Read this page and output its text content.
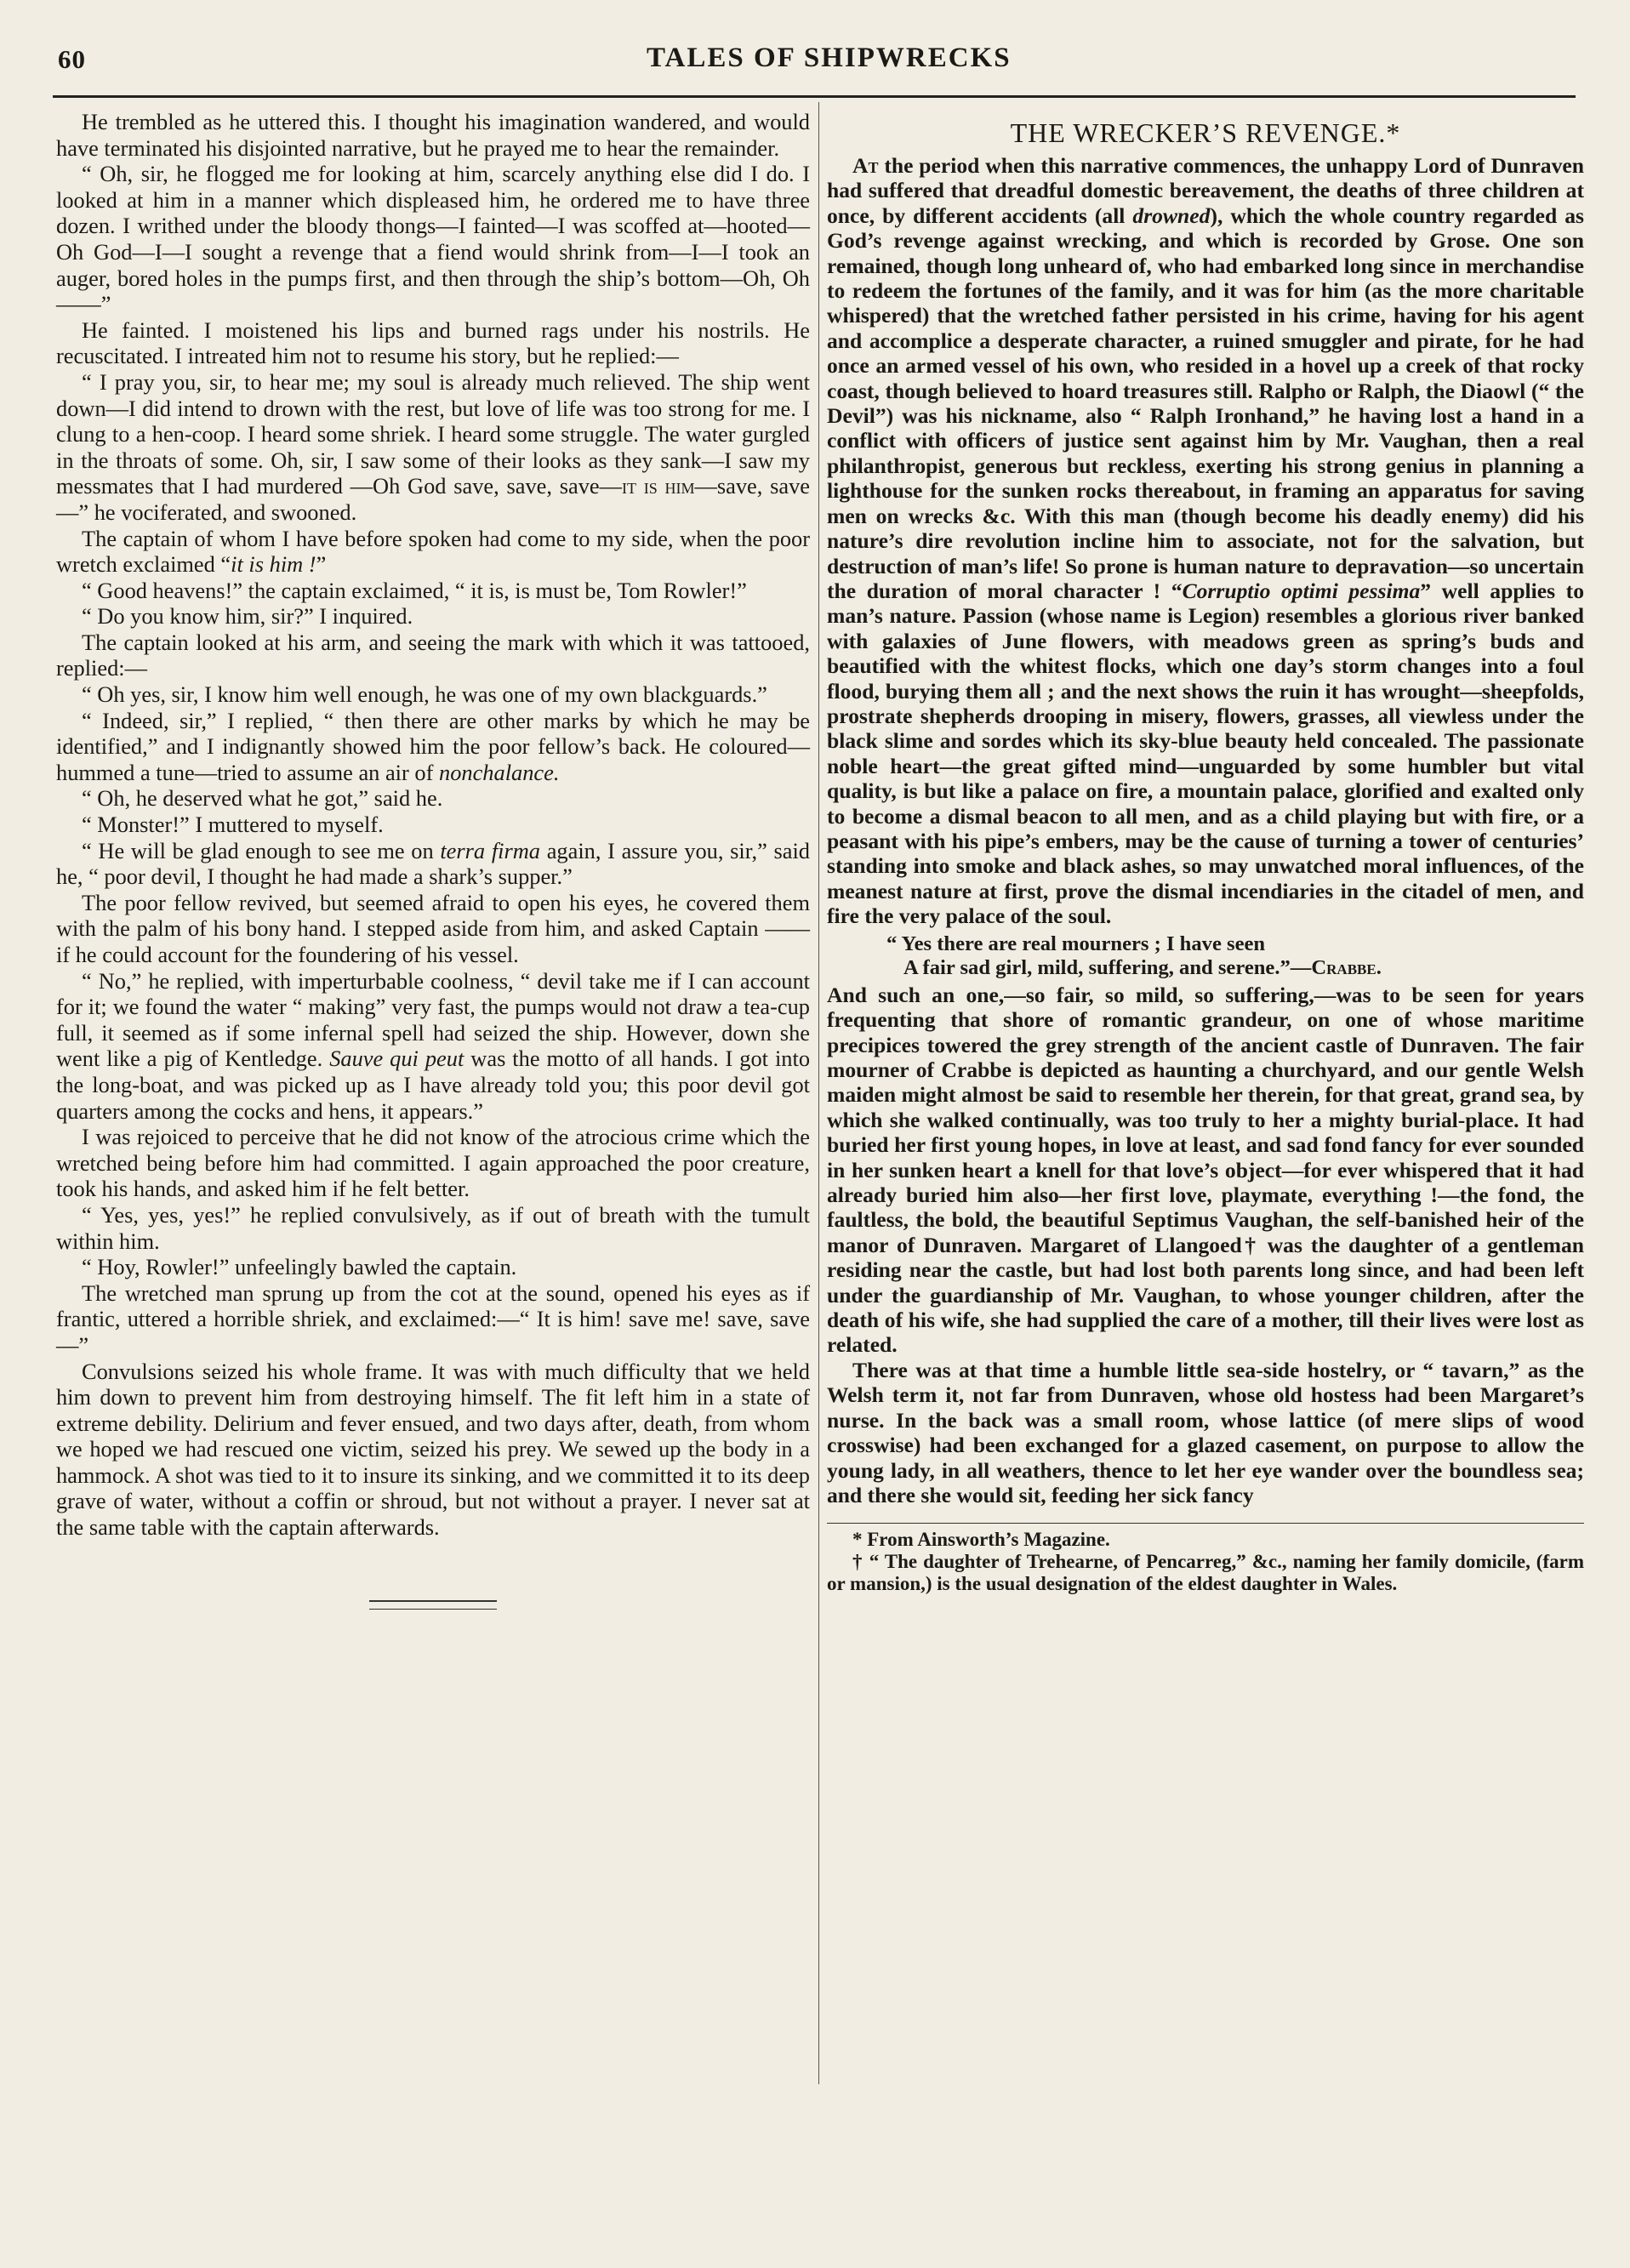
60	TALES OF SHIPWRECKS

He trembled as he uttered this. I thought his imagination wandered, and would have terminated his disjointed narrative, but he prayed me to hear the remainder.

“ Oh, sir, he flogged me for looking at him, scarcely anything else did I do. I looked at him in a manner which displeased him, he ordered me to have three dozen. I writhed under the bloody thongs—I fainted—I was scoffed at—hooted—Oh God—I—I sought a revenge that a fiend would shrink from—I—I took an auger, bored holes in the pumps first, and then through the ship’s bottom—Oh, Oh——”

He fainted. I moistened his lips and burned rags under his nostrils. He recuscitated. I intreated him not to resume his story, but he replied:—

“ I pray you, sir, to hear me; my soul is already much relieved. The ship went down—I did intend to drown with the rest, but love of life was too strong for me. I clung to a hen-coop. I heard some shriek. I heard some struggle. The water gurgled in the throats of some. Oh, sir, I saw some of their looks as they sank—I saw my messmates that I had murdered —Oh God save, save, save—it is him—save, save—” he vociferated, and swooned.

The captain of whom I have before spoken had come to my side, when the poor wretch exclaimed “it is him !”

“ Good heavens!” the captain exclaimed, “ it is, is must be, Tom Rowler!”

“ Do you know him, sir?” I inquired.

The captain looked at his arm, and seeing the mark with which it was tattooed, replied:—

“ Oh yes, sir, I know him well enough, he was one of my own blackguards.”

“ Indeed, sir,” I replied, “ then there are other marks by which he may be identified,” and I indignantly showed him the poor fellow’s back. He coloured—hummed a tune—tried to assume an air of nonchalance.

“ Oh, he deserved what he got,” said he.

“ Monster!” I muttered to myself.

“ He will be glad enough to see me on terra firma again, I assure you, sir,” said he, “ poor devil, I thought he had made a shark’s supper.”

The poor fellow revived, but seemed afraid to open his eyes, he covered them with the palm of his bony hand. I stepped aside from him, and asked Captain —— if he could account for the foundering of his vessel.

“ No,” he replied, with imperturbable coolness, “ devil take me if I can account for it; we found the water “ making” very fast, the pumps would not draw a tea-cup full, it seemed as if some infernal spell had seized the ship. However, down she went like a pig of Kentledge. Sauve qui peut was the motto of all hands. I got into the long-boat, and was picked up as I have already told you; this poor devil got quarters among the cocks and hens, it appears.”

I was rejoiced to perceive that he did not know of the atrocious crime which the wretched being before him had committed. I again approached the poor creature, took his hands, and asked him if he felt better.

“ Yes, yes, yes!” he replied convulsively, as if out of breath with the tumult within him.

“ Hoy, Rowler!” unfeelingly bawled the captain.

The wretched man sprung up from the cot at the sound, opened his eyes as if frantic, uttered a horrible shriek, and exclaimed:—“ It is him! save me! save, save—”

Convulsions seized his whole frame. It was with much difficulty that we held him down to prevent him from destroying himself. The fit left him in a state of extreme debility. Delirium and fever ensued, and two days after, death, from whom we hoped we had rescued one victim, seized his prey. We sewed up the body in a hammock. A shot was tied to it to insure its sinking, and we committed it to its deep grave of water, without a coffin or shroud, but not without a prayer. I never sat at the same table with the captain afterwards.

THE WRECKER’S REVENGE.*

At the period when this narrative commences, the unhappy Lord of Dunraven had suffered that dreadful domestic bereavement, the deaths of three children at once, by different accidents (all drowned), which the whole country regarded as God’s revenge against wrecking, and which is recorded by Grose. One son remained, though long unheard of, who had embarked long since in merchandise to redeem the fortunes of the family, and it was for him (as the more charitable whispered) that the wretched father persisted in his crime, having for his agent and accomplice a desperate character, a ruined smuggler and pirate, for he had once an armed vessel of his own, who resided in a hovel up a creek of that rocky coast, though believed to hoard treasures still. Ralpho or Ralph, the Diaowl (“ the Devil”) was his nickname, also “ Ralph Ironhand,” he having lost a hand in a conflict with officers of justice sent against him by Mr. Vaughan, then a real philanthropist, generous but reckless, exerting his strong genius in planning a lighthouse for the sunken rocks thereabout, in framing an apparatus for saving men on wrecks &c. With this man (though become his deadly enemy) did his nature’s dire revolution incline him to associate, not for the salvation, but destruction of man’s life! So prone is human nature to depravation—so uncertain the duration of moral character ! “Corruptio optimi pessima” well applies to man’s nature. Passion (whose name is Legion) resembles a glorious river banked with galaxies of June flowers, with meadows green as spring’s buds and beautified with the whitest flocks, which one day’s storm changes into a foul flood, burying them all ; and the next shows the ruin it has wrought—sheepfolds, prostrate shepherds drooping in misery, flowers, grasses, all viewless under the black slime and sordes which its sky-blue beauty held concealed. The passionate noble heart—the great gifted mind—unguarded by some humbler but vital quality, is but like a palace on fire, a mountain palace, glorified and exalted only to become a dismal beacon to all men, and as a child playing but with fire, or a peasant with his pipe’s embers, may be the cause of turning a tower of centuries’ standing into smoke and black ashes, so may unwatched moral influences, of the meanest nature at first, prove the dismal incendiaries in the citadel of men, and fire the very palace of the soul.

“ Yes there are real mourners ; I have seen
A fair sad girl, mild, suffering, and serene.”—Crabbe.

And such an one,—so fair, so mild, so suffering,—was to be seen for years frequenting that shore of romantic grandeur, on one of whose maritime precipices towered the grey strength of the ancient castle of Dunraven. The fair mourner of Crabbe is depicted as haunting a churchyard, and our gentle Welsh maiden might almost be said to resemble her therein, for that great, grand sea, by which she walked continually, was too truly to her a mighty burial-place. It had buried her first young hopes, in love at least, and sad fond fancy for ever sounded in her sunken heart a knell for that love’s object—for ever whispered that it had already buried him also—her first love, playmate, everything !—the fond, the faultless, the bold, the beautiful Septimus Vaughan, the self-banished heir of the manor of Dunraven. Margaret of Llangoed† was the daughter of a gentleman residing near the castle, but had lost both parents long since, and had been left under the guardianship of Mr. Vaughan, to whose younger children, after the death of his wife, she had supplied the care of a mother, till their lives were lost as related.

There was at that time a humble little sea-side hostelry, or “ tavarn,” as the Welsh term it, not far from Dunraven, whose old hostess had been Margaret’s nurse. In the back was a small room, whose lattice (of mere slips of wood crosswise) had been exchanged for a glazed casement, on purpose to allow the young lady, in all weathers, thence to let her eye wander over the boundless sea; and there she would sit, feeding her sick fancy

* From Ainsworth’s Magazine.

† “ The daughter of Trehearne, of Pencarreg,” &c., naming her family domicile, (farm or mansion,) is the usual designation of the eldest daughter in Wales.
